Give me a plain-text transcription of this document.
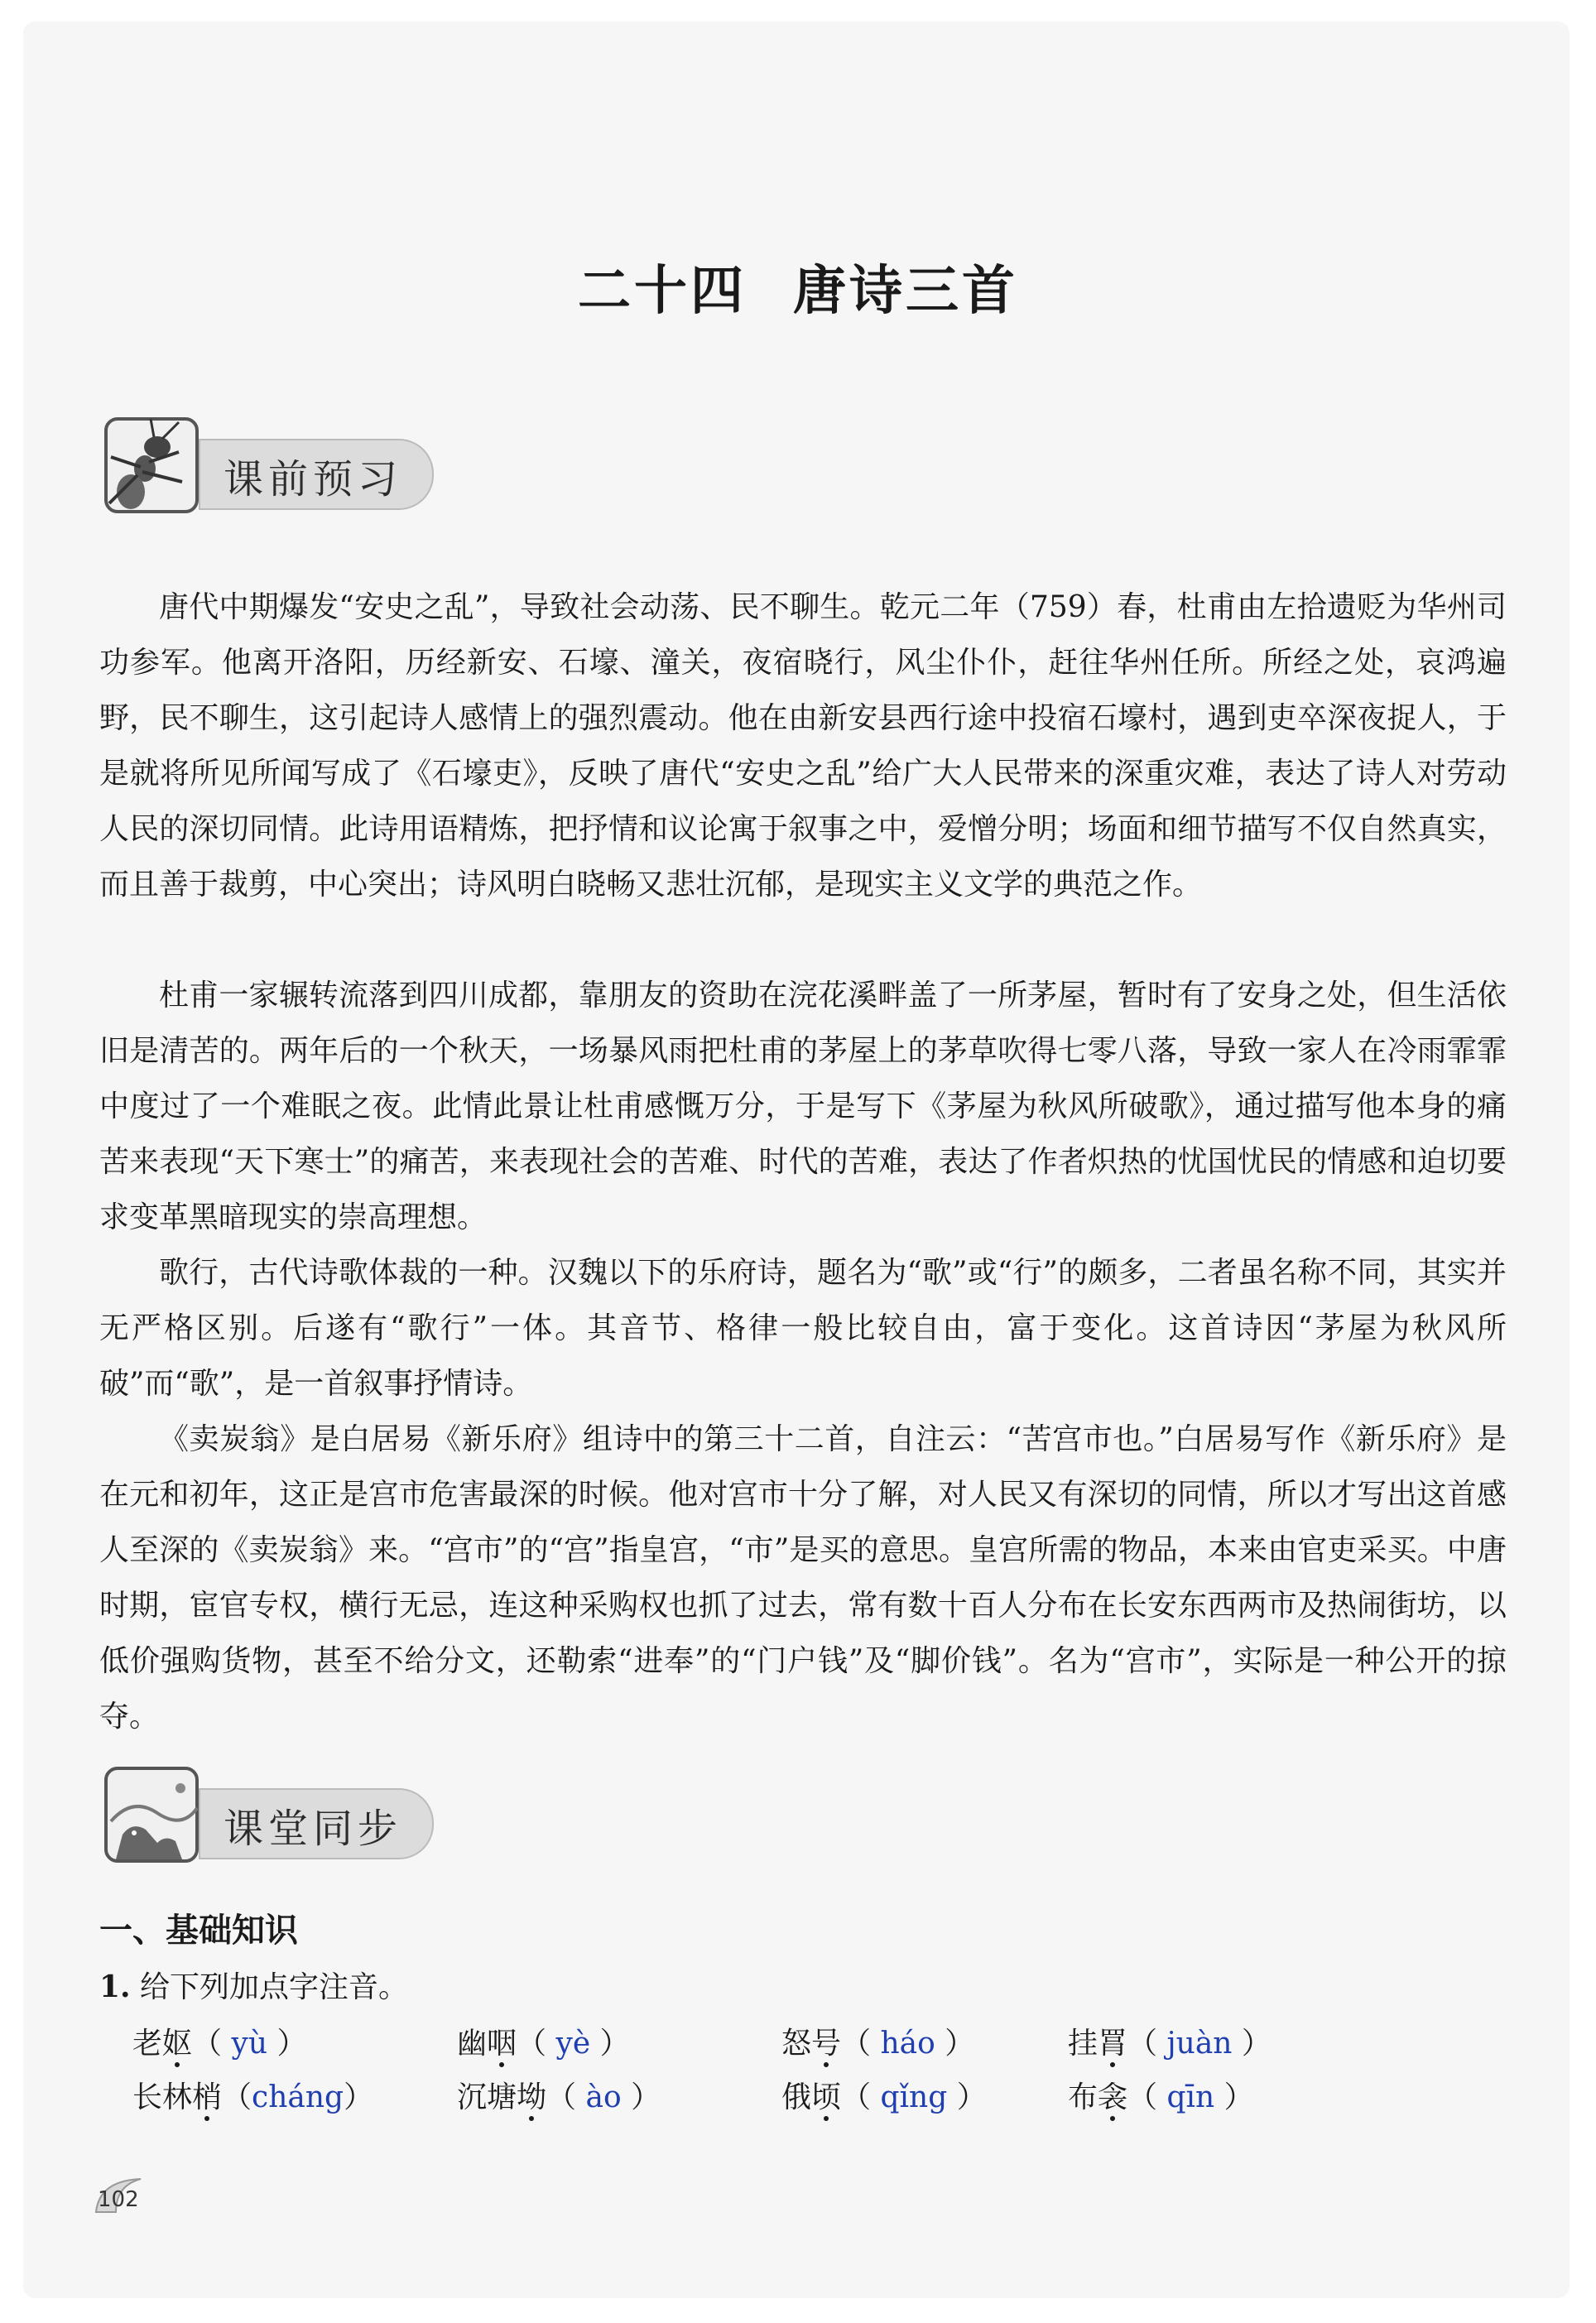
二十四 唐诗三首
课前预习

唐代中期爆发“安史之乱”，导致社会动荡、民不聊生。乾元二年（759）春，杜甫由左拾遗贬为华州司功参军。他离开洛阳，历经新安、石壕、潼关，夜宿晓行，风尘仆仆，赶往华州任所。所经之处，哀鸿遍野，民不聊生，这引起诗人感情上的强烈震动。他在由新安县西行途中投宿石壕村，遇到吏卒深夜捉人，于是就将所见所闻写成了《石壕吏》，反映了唐代“安史之乱”给广大人民带来的深重灾难，表达了诗人对劳动人民的深切同情。此诗用语精炼，把抒情和议论寓于叙事之中，爱憎分明；场面和细节描写不仅自然真实，而且善于裁剪，中心突出；诗风明白晓畅又悲壮沉郁，是现实主义文学的典范之作。

杜甫一家辗转流落到四川成都，靠朋友的资助在浣花溪畔盖了一所茅屋，暂时有了安身之处，但生活依旧是清苦的。两年后的一个秋天，一场暴风雨把杜甫的茅屋上的茅草吹得七零八落，导致一家人在冷雨霏霏中度过了一个难眠之夜。此情此景让杜甫感慨万分，于是写下《茅屋为秋风所破歌》，通过描写他本身的痛苦来表现“天下寒士”的痛苦，来表现社会的苦难、时代的苦难，表达了作者炽热的忧国忧民的情感和迫切要求变革黑暗现实的崇高理想。

歌行，古代诗歌体裁的一种。汉魏以下的乐府诗，题名为“歌”或“行”的颇多，二者虽名称不同，其实并无严格区别。后遂有“歌行”一体。其音节、格律一般比较自由，富于变化。这首诗因“茅屋为秋风所破”而“歌”，是一首叙事抒情诗。

《卖炭翁》是白居易《新乐府》组诗中的第三十二首，自注云：“苦宫市也。”白居易写作《新乐府》是在元和初年，这正是宫市危害最深的时候。他对宫市十分了解，对人民又有深切的同情，所以才写出这首感人至深的《卖炭翁》来。“宫市”的“宫”指皇宫，“市”是买的意思。皇宫所需的物品，本来由官吏采买。中唐时期，宦官专权，横行无忌，连这种采购权也抓了过去，常有数十百人分布在长安东西两市及热闹街坊，以低价强购货物，甚至不给分文，还勒索“进奉”的“门户钱”及“脚价钱”。名为“宫市”，实际是一种公开的掠夺。

课堂同步
一、基础知识
1. 给下列加点字注音。
老妪（ yù ）	幽咽（ yè ）	怒号（ háo ）	挂罥（ juàn ）
长林梢（cháng）	沉塘坳（ ào ）	俄顷（ qǐng ）	布衾（ qīn ）
102
